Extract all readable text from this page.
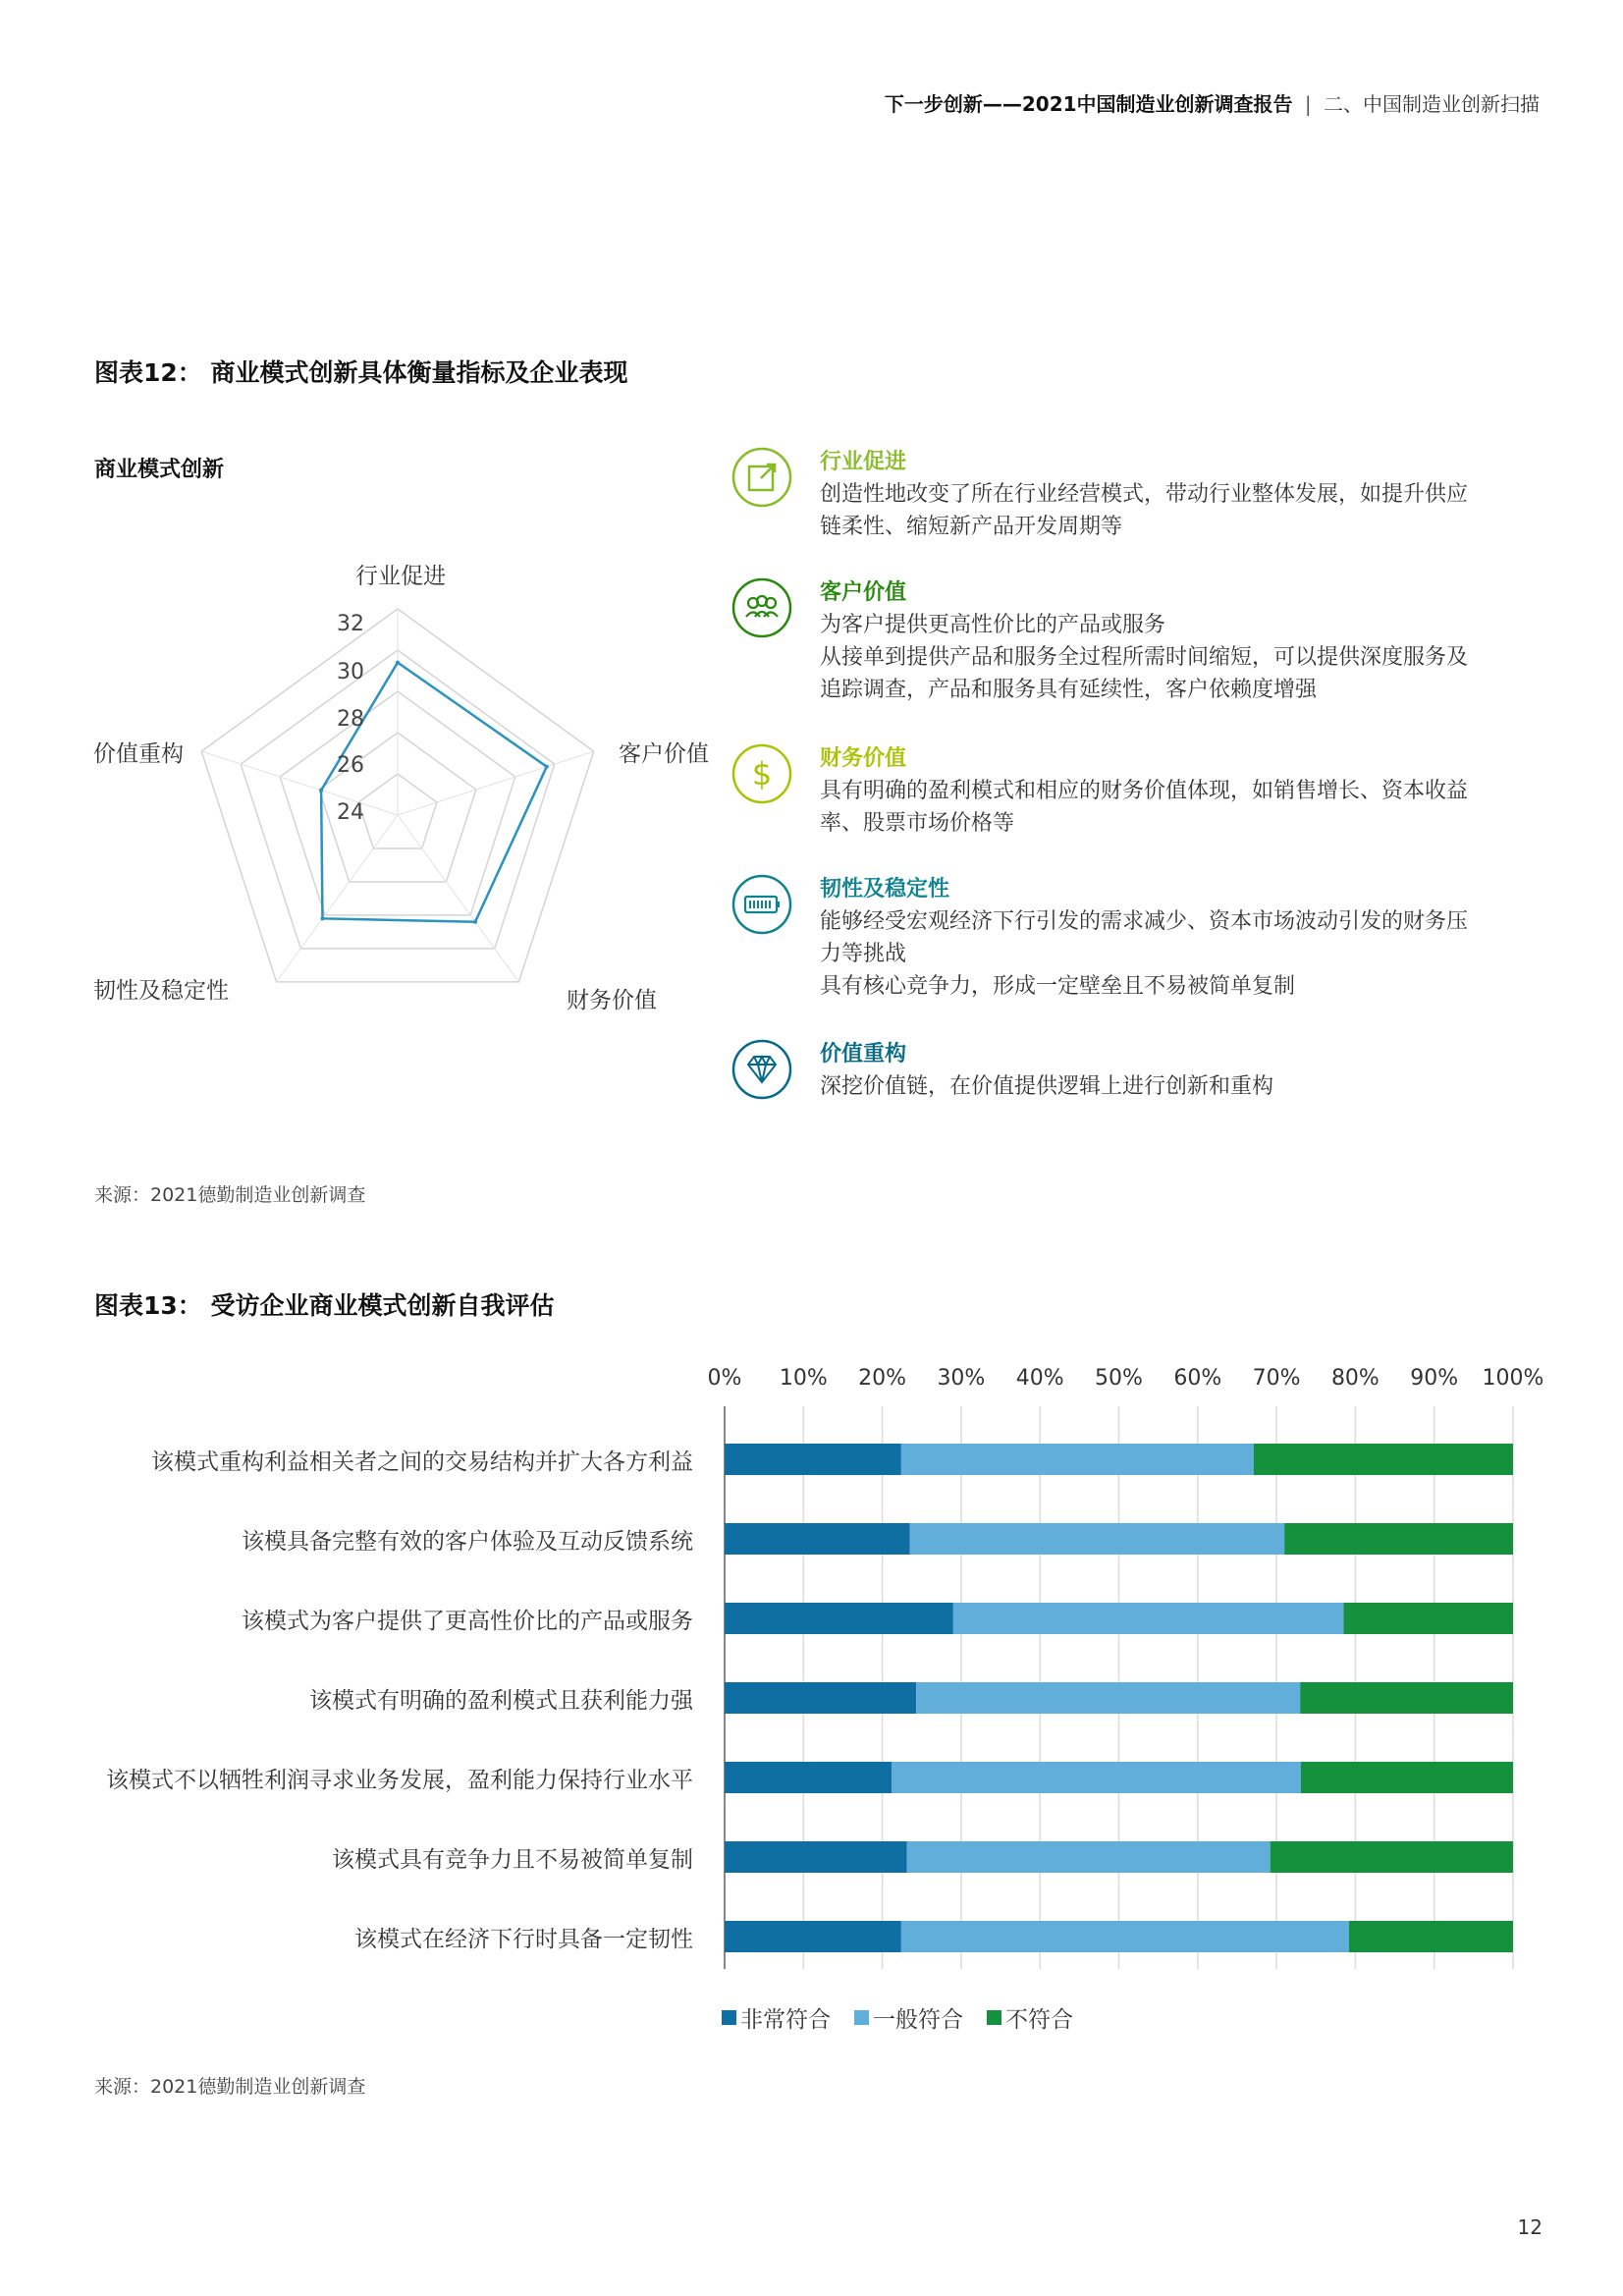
下一步创新——2021中国制造业创新调查报告 | 二、中国制造业创新扫描
图表12： 商业模式创新具体衡量指标及企业表现
商业模式创新
行业促进
客户价值
财务价值
韧性及稳定性
价值重构
24
26
28
30
32
行业促进
创造性地改变了所在行业经营模式，带动行业整体发展，如提升供应
链柔性、缩短新产品开发周期等
客户价值
为客户提供更高性价比的产品或服务
从接单到提供产品和服务全过程所需时间缩短，可以提供深度服务及
追踪调查，产品和服务具有延续性，客户依赖度增强
$ 财务价值
具有明确的盈利模式和相应的财务价值体现，如销售增长、资本收益
率、股票市场价格等
韧性及稳定性
能够经受宏观经济下行引发的需求减少、资本市场波动引发的财务压
力等挑战
具有核心竞争力，形成一定壁垒且不易被简单复制
价值重构
深挖价值链，在价值提供逻辑上进行创新和重构
来源：2021德勤制造业创新调查
图表13： 受访企业商业模式创新自我评估
0%	10%	20%	30%	40%	50%	60%	70%	80%	90%	100%
该模式重构利益相关者之间的交易结构并扩大各方利益
该模具备完整有效的客户体验及互动反馈系统
该模式为客户提供了更高性价比的产品或服务
该模式有明确的盈利模式且获利能力强
该模式不以牺牲利润寻求业务发展，盈利能力保持行业水平
该模式具有竞争力且不易被简单复制
该模式在经济下行时具备一定韧性
非常符合 一般符合 不符合
来源：2021德勤制造业创新调查
12
